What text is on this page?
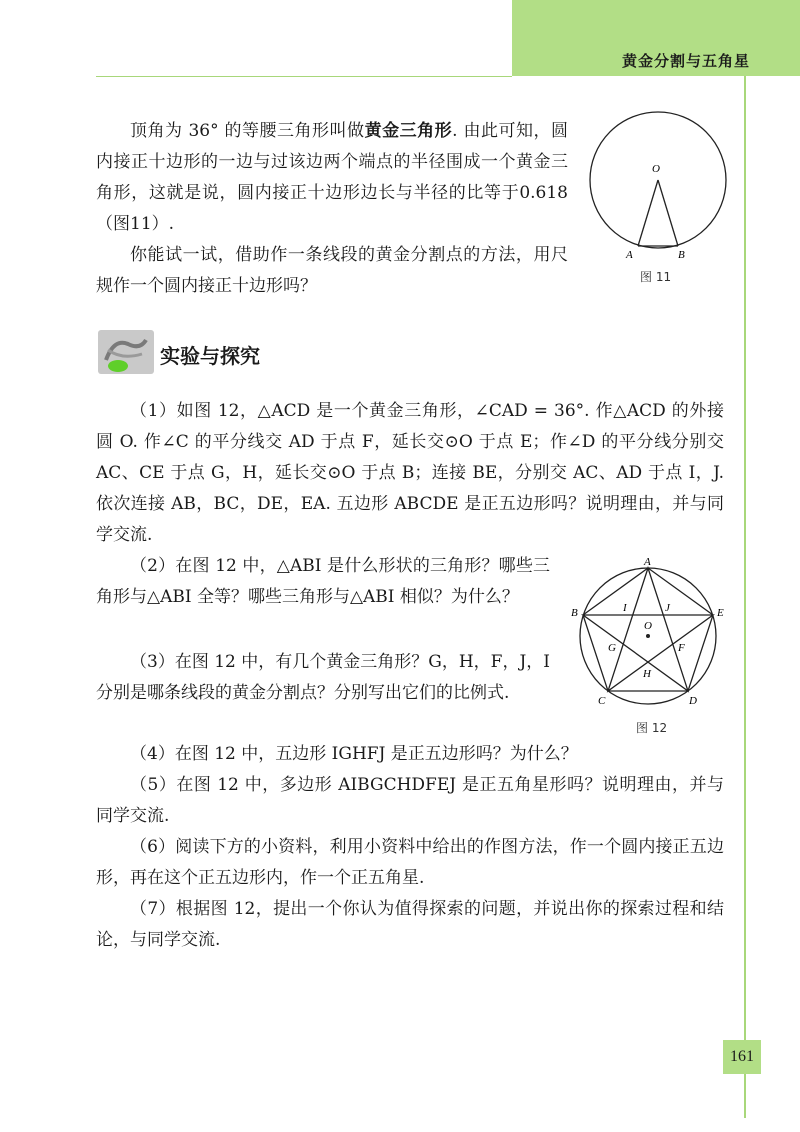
黄金分割与五角星

顶角为 36° 的等腰三角形叫做黄金三角形. 由此可知，圆内接正十边形的一边与过该边两个端点的半径围成一个黄金三角形，这就是说，圆内接正十边形边长与半径的比等于0.618（图11）.

你能试一试，借助作一条线段的黄金分割点的方法，用尺规作一个圆内接正十边形吗？

O
A	B
图 11
实验与探究

（1）如图 12，△ACD 是一个黄金三角形，∠CAD = 36°. 作△ACD 的外接圆 O. 作∠C 的平分线交 AD 于点 F，延长交⊙O 于点 E；作∠D 的平分线分别交 AC、CE 于点 G，H，延长交⊙O 于点 B；连接 BE，分别交 AC、AD 于点 I，J. 依次连接 AB，BC，DE，EA. 五边形 ABCDE 是正五边形吗？说明理由，并与同学交流.

（2）在图 12 中，△ABI 是什么形状的三角形？哪些三角形与△ABI 全等？哪些三角形与△ABI 相似？为什么？

（3）在图 12 中，有几个黄金三角形？G，H，F，J，I 分别是哪条线段的黄金分割点？分别写出它们的比例式.

（4）在图 12 中，五边形 IGHFJ 是正五边形吗？为什么？

（5）在图 12 中，多边形 AIBGCHDFEJ 是正五角星形吗？说明理由，并与同学交流.

（6）阅读下方的小资料，利用小资料中给出的作图方法，作一个圆内接正五边形，再在这个正五边形内，作一个正五角星.

（7）根据图 12，提出一个你认为值得探索的问题，并说出你的探索过程和结论，与同学交流.

A
B
C	D
E
F
G
H
I	J
O
图 12
161
